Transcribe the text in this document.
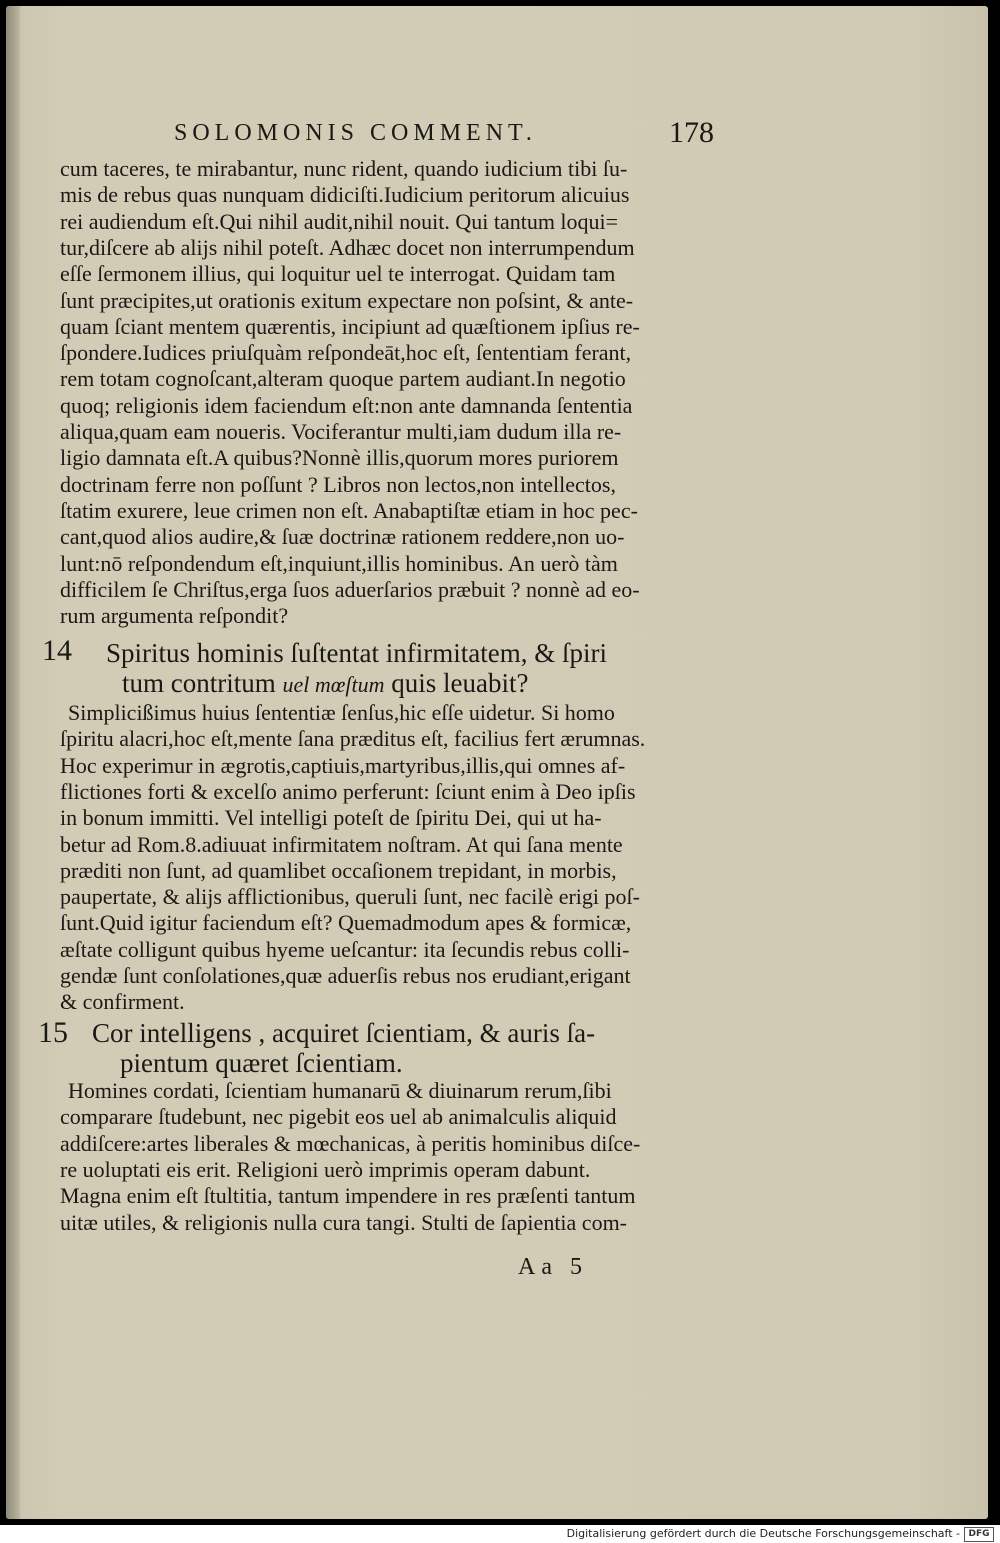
SOLOMONIS COMMENT.	178
cum taceres, te mirabantur, nunc rident, quando iudicium tibi ſu-
mis de rebus quas nunquam didiciſti.Iudicium peritorum alicuius
rei audiendum eſt.Qui nihil audit,nihil nouit. Qui tantum loqui=
tur,diſcere ab alijs nihil poteſt. Adhæc docet non interrumpendum
eſſe ſermonem illius, qui loquitur uel te interrogat. Quidam tam
ſunt præcipites,ut orationis exitum expectare non poſsint, & ante-
quam ſciant mentem quærentis, incipiunt ad quæſtionem ipſius re-
ſpondere.Iudices priuſquàm reſpondeāt,hoc eſt, ſententiam ferant,
rem totam cognoſcant,alteram quoque partem audiant.In negotio
quoq; religionis idem faciendum eſt:non ante damnanda ſententia
aliqua,quam eam noueris. Vociferantur multi,iam dudum illa re-
ligio damnata eſt.A quibus?Nonnè illis,quorum mores puriorem
doctrinam ferre non poſſunt ? Libros non lectos,non intellectos,
ſtatim exurere, leue crimen non eſt. Anabaptiſtæ etiam in hoc pec-
cant,quod alios audire,& ſuæ doctrinæ rationem reddere,non uo-
lunt:nō reſpondendum eſt,inquiunt,illis hominibus. An uerò tàm
difficilem ſe Chriſtus,erga ſuos aduerſarios præbuit ? nonnè ad eo-
rum argumenta reſpondit?
14 Spiritus hominis ſuſtentat infirmitatem, & ſpiri
tum contritum uel mœſtum quis leuabit?
Simplicißimus huius ſententiæ ſenſus,hic eſſe uidetur. Si homo
ſpiritu alacri,hoc eſt,mente ſana præditus eſt, facilius fert ærumnas.
Hoc experimur in ægrotis,captiuis,martyribus,illis,qui omnes af-
flictiones forti & excelſo animo perferunt: ſciunt enim à Deo ipſis
in bonum immitti. Vel intelligi poteſt de ſpiritu Dei, qui ut ha-
betur ad Rom.8.adiuuat infirmitatem noſtram. At qui ſana mente
præditi non ſunt, ad quamlibet occaſionem trepidant, in morbis,
paupertate, & alijs afflictionibus, queruli ſunt, nec facilè erigi poſ-
ſunt.Quid igitur faciendum eſt? Quemadmodum apes & formicæ,
æſtate colligunt quibus hyeme ueſcantur: ita ſecundis rebus colli-
gendæ ſunt conſolationes,quæ aduerſis rebus nos erudiant,erigant
& confirment.
15 Cor intelligens , acquiret ſcientiam, & auris ſa-
pientum quæret ſcientiam.
Homines cordati, ſcientiam humanarū & diuinarum rerum,ſibi
comparare ſtudebunt, nec pigebit eos uel ab animalculis aliquid
addiſcere:artes liberales & mœchanicas, à peritis hominibus diſce-
re uoluptati eis erit. Religioni uerò imprimis operam dabunt.
Magna enim eſt ſtultitia, tantum impendere in res præſenti tantum
uitæ utiles, & religionis nulla cura tangi. Stulti de ſapientia com-
Aa 5
Digitalisierung gefördert durch die Deutsche Forschungsgemeinschaft - DFG
